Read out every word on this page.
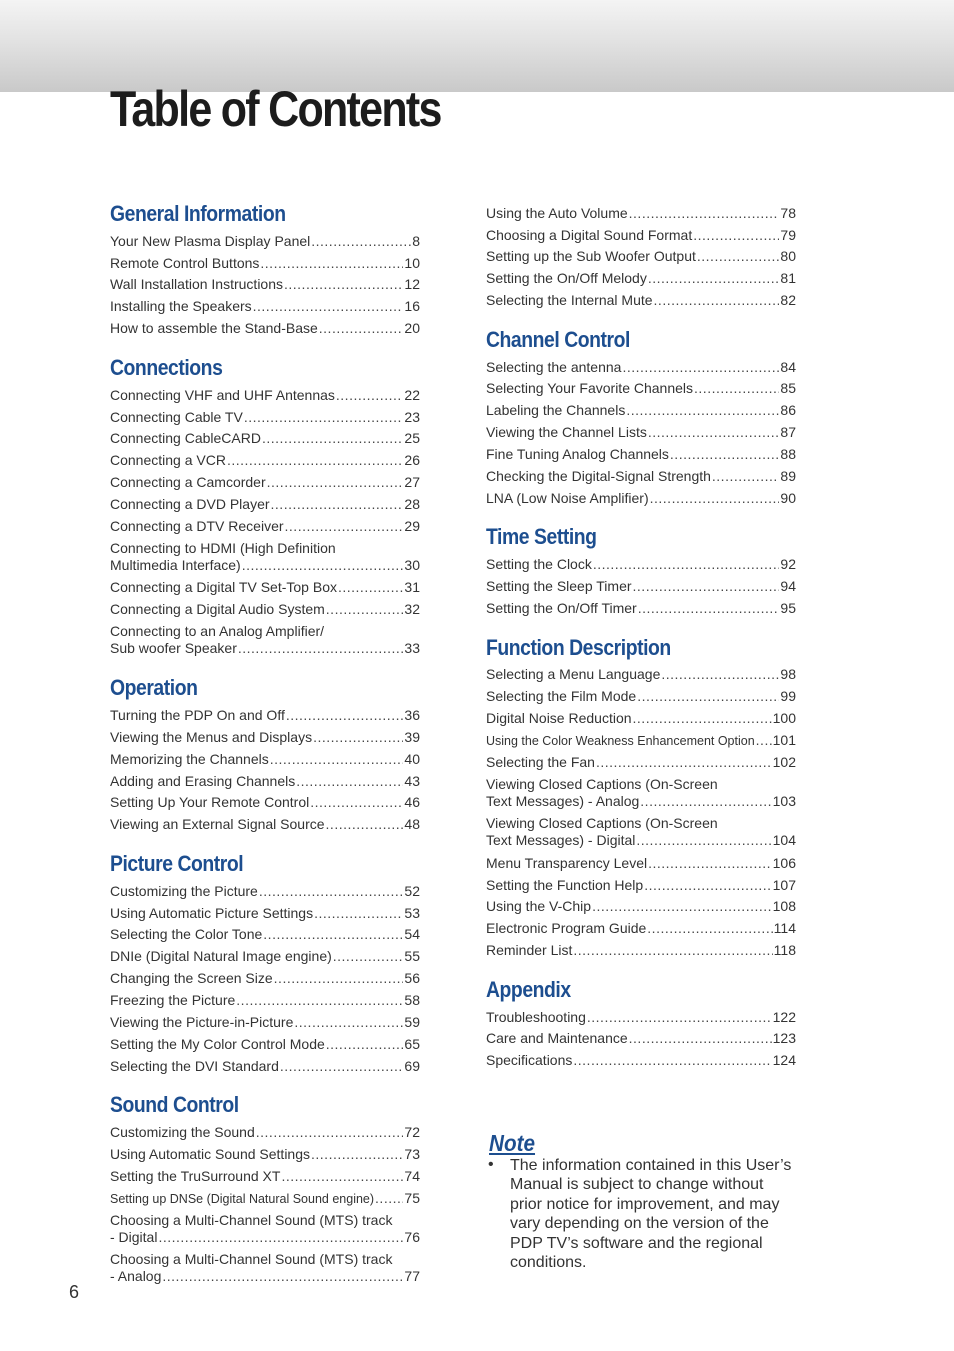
Table of Contents
General Information
Your New Plasma Display Panel .....	8
Remote Control Buttons .....	10
Wall Installation Instructions .....	12
Installing the Speakers .....	16
How to assemble the Stand-Base .....	20
Connections
Connecting VHF and UHF Antennas .....	22
Connecting Cable TV .....	23
Connecting CableCARD .....	25
Connecting a VCR .....	26
Connecting a Camcorder .....	27
Connecting a DVD Player .....	28
Connecting a DTV Receiver .....	29
Connecting to HDMI (High Definition
Multimedia Interface) .....	30
Connecting a Digital TV Set-Top Box .....	31
Connecting a Digital Audio System .....	32
Connecting to an Analog Amplifier/
Sub woofer Speaker .....	33
Operation
Turning the PDP On and Off .....	36
Viewing the Menus and Displays .....	39
Memorizing the Channels .....	40
Adding and Erasing Channels .....	43
Setting Up Your Remote Control .....	46
Viewing an External Signal Source .....	48
Picture Control
Customizing the Picture .....	52
Using Automatic Picture Settings .....	53
Selecting the Color Tone .....	54
DNIe (Digital Natural Image engine) .....	55
Changing the Screen Size .....	56
Freezing the Picture .....	58
Viewing the Picture-in-Picture .....	59
Setting the My Color Control Mode .....	65
Selecting the DVI Standard .....	69
Sound Control
Customizing the Sound .....	72
Using Automatic Sound Settings .....	73
Setting the TruSurround XT .....	74
Setting up DNSe (Digital Natural Sound engine) ..... 75
Choosing a Multi-Channel Sound (MTS) track
- Digital .....	76
Choosing a Multi-Channel Sound (MTS) track
- Analog .....	77
Using the Auto Volume .....	78
Choosing a Digital Sound Format .....	79
Setting up the Sub Woofer Output .....	80
Setting the On/Off Melody .....	81
Selecting the Internal Mute .....	82
Channel Control
Selecting the antenna .....	84
Selecting Your Favorite Channels .....	85
Labeling the Channels .....	86
Viewing the Channel Lists .....	87
Fine Tuning Analog Channels .....	88
Checking the Digital-Signal Strength .....	89
LNA (Low Noise Amplifier) .....	90
Time Setting
Setting the Clock .....	92
Setting the Sleep Timer .....	94
Setting the On/Off Timer .....	95
Function Description
Selecting a Menu Language .....	98
Selecting the Film Mode .....	99
Digital Noise Reduction .....	100
Using the Color Weakness Enhancement Option ..... 101
Selecting the Fan .....	102
Viewing Closed Captions (On-Screen
Text Messages) - Analog .....	103
Viewing Closed Captions (On-Screen
Text Messages) - Digital .....	104
Menu Transparency Level .....	106
Setting the Function Help .....	107
Using the V-Chip .....	108
Electronic Program Guide .....	114
Reminder List .....	118
Appendix
Troubleshooting .....	122
Care and Maintenance .....	123
Specifications .....	124
Note
• The information contained in this User’s Manual is subject to change without prior notice for improvement, and may vary depending on the version of the PDP TV’s software and the regional conditions.
6
